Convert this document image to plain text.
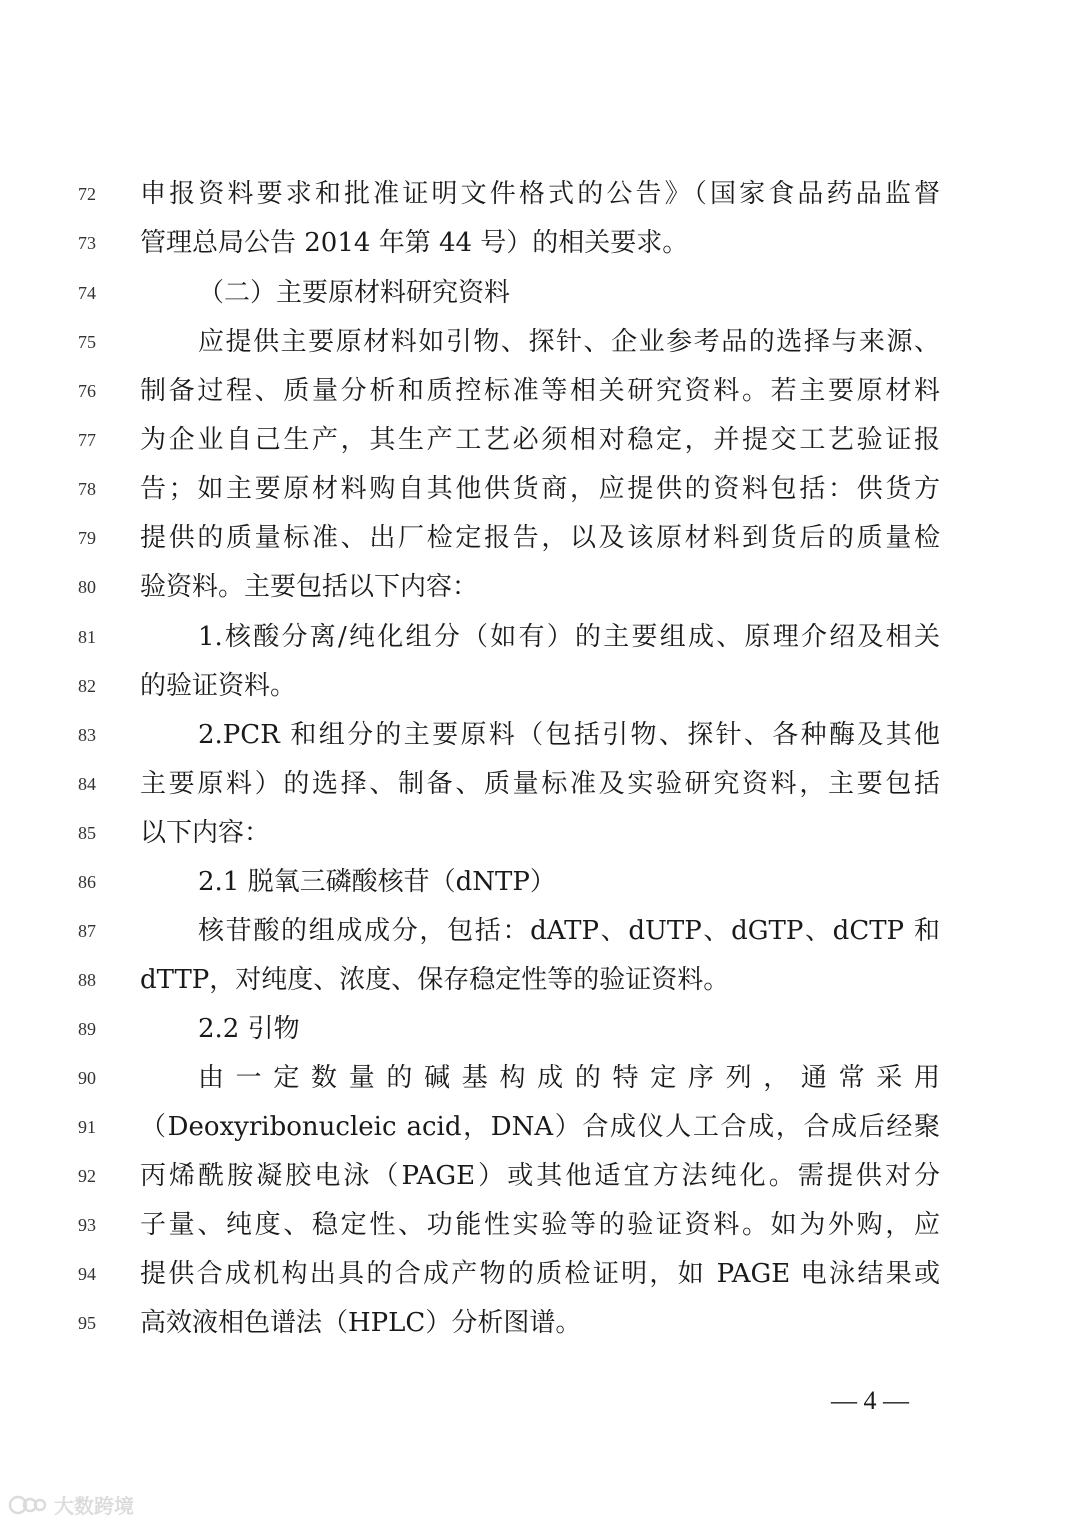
72	申报资料要求和批准证明文件格式的公告》（国家食品药品监督
73	管理总局公告 2014 年第 44 号）的相关要求。
74	（二）主要原材料研究资料
75	应提供主要原材料如引物、探针、企业参考品的选择与来源、
76	制备过程、质量分析和质控标准等相关研究资料。若主要原材料
77	为企业自己生产，其生产工艺必须相对稳定，并提交工艺验证报
78	告；如主要原材料购自其他供货商，应提供的资料包括：供货方
79	提供的质量标准、出厂检定报告，以及该原材料到货后的质量检
80	验资料。主要包括以下内容：
81	1.核酸分离/纯化组分（如有）的主要组成、原理介绍及相关
82	的验证资料。
83	2.PCR 和组分的主要原料（包括引物、探针、各种酶及其他
84	主要原料）的选择、制备、质量标准及实验研究资料，主要包括
85	以下内容：
86	2.1 脱氧三磷酸核苷（dNTP）
87	核苷酸的组成成分，包括：dATP、dUTP、dGTP、dCTP 和
88	dTTP，对纯度、浓度、保存稳定性等的验证资料。
89	2.2 引物
90	由一定数量的碱基构成的特定序列，通常采用
91	（Deoxyribonucleic acid，DNA）合成仪人工合成，合成后经聚
92	丙烯酰胺凝胶电泳（PAGE）或其他适宜方法纯化。需提供对分
93	子量、纯度、稳定性、功能性实验等的验证资料。如为外购，应
94	提供合成机构出具的合成产物的质检证明，如 PAGE 电泳结果或
95	高效液相色谱法（HPLC）分析图谱。
— 4 —
大数跨境
